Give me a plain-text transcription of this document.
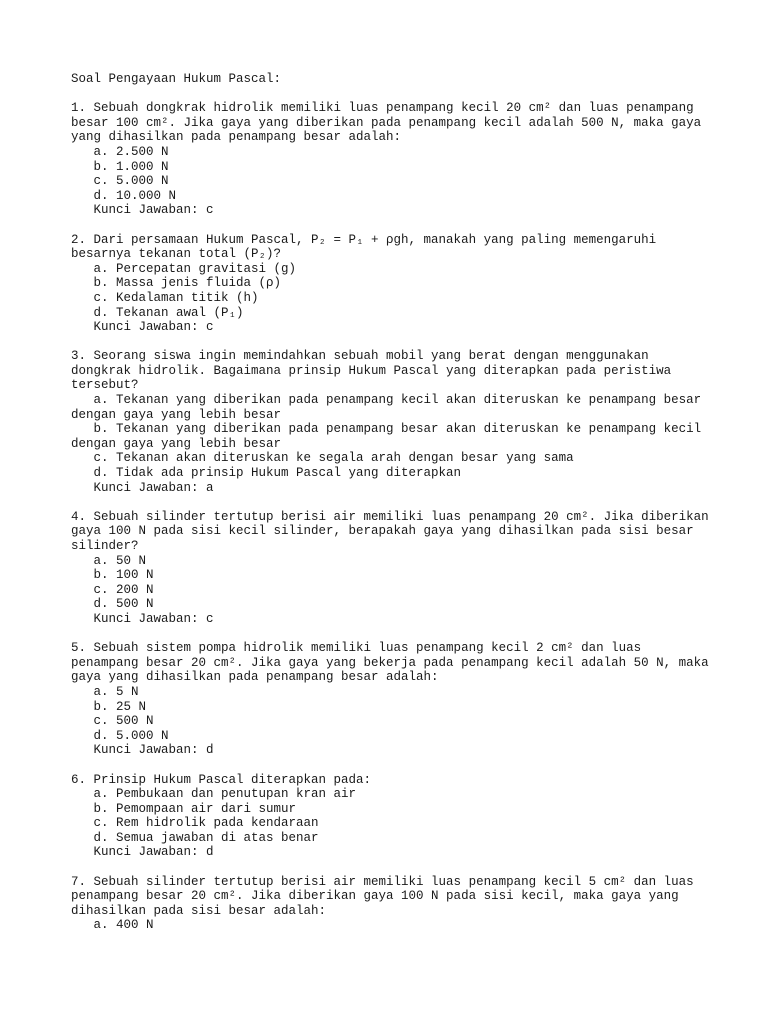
Soal Pengayaan Hukum Pascal:
1. Sebuah dongkrak hidrolik memiliki luas penampang kecil 20 cm² dan luas penampang besar 100 cm². Jika gaya yang diberikan pada penampang kecil adalah 500 N, maka gaya yang dihasilkan pada penampang besar adalah:
a. 2.500 N
b. 1.000 N
c. 5.000 N
d. 10.000 N
Kunci Jawaban: c
2. Dari persamaan Hukum Pascal, P₂ = P₁ + ρgh, manakah yang paling memengaruhi besarnya tekanan total (P₂)?
a. Percepatan gravitasi (g)
b. Massa jenis fluida (ρ)
c. Kedalaman titik (h)
d. Tekanan awal (P₁)
Kunci Jawaban: c
3. Seorang siswa ingin memindahkan sebuah mobil yang berat dengan menggunakan dongkrak hidrolik. Bagaimana prinsip Hukum Pascal yang diterapkan pada peristiwa tersebut?
a. Tekanan yang diberikan pada penampang kecil akan diteruskan ke penampang besar dengan gaya yang lebih besar
b. Tekanan yang diberikan pada penampang besar akan diteruskan ke penampang kecil dengan gaya yang lebih besar
c. Tekanan akan diteruskan ke segala arah dengan besar yang sama
d. Tidak ada prinsip Hukum Pascal yang diterapkan
Kunci Jawaban: a
4. Sebuah silinder tertutup berisi air memiliki luas penampang 20 cm². Jika diberikan gaya 100 N pada sisi kecil silinder, berapakah gaya yang dihasilkan pada sisi besar silinder?
a. 50 N
b. 100 N
c. 200 N
d. 500 N
Kunci Jawaban: c
5. Sebuah sistem pompa hidrolik memiliki luas penampang kecil 2 cm² dan luas penampang besar 20 cm². Jika gaya yang bekerja pada penampang kecil adalah 50 N, maka gaya yang dihasilkan pada penampang besar adalah:
a. 5 N
b. 25 N
c. 500 N
d. 5.000 N
Kunci Jawaban: d
6. Prinsip Hukum Pascal diterapkan pada:
a. Pembukaan dan penutupan kran air
b. Pemompaan air dari sumur
c. Rem hidrolik pada kendaraan
d. Semua jawaban di atas benar
Kunci Jawaban: d
7. Sebuah silinder tertutup berisi air memiliki luas penampang kecil 5 cm² dan luas penampang besar 20 cm². Jika diberikan gaya 100 N pada sisi kecil, maka gaya yang dihasilkan pada sisi besar adalah:
a. 400 N
